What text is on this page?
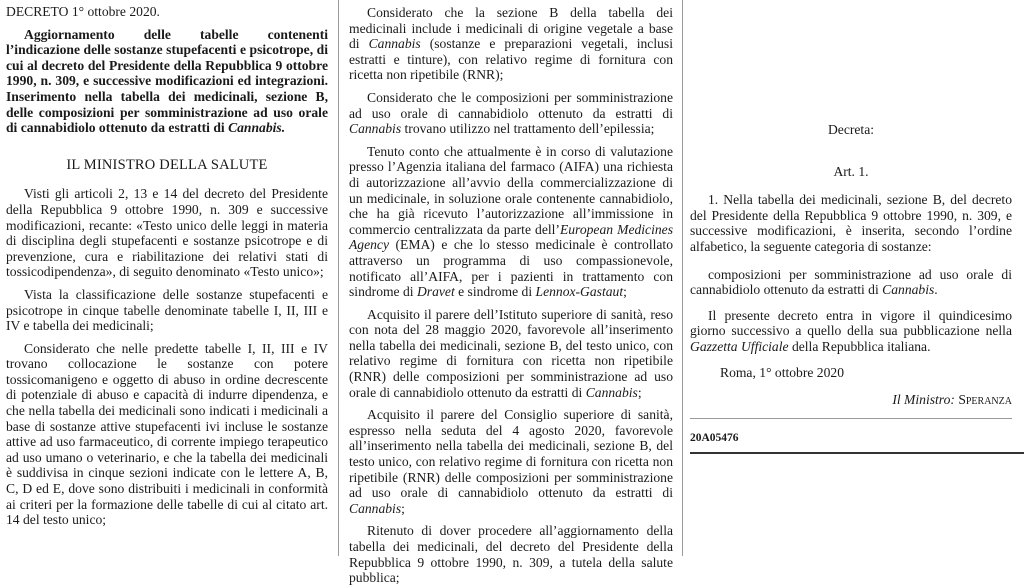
DECRETO 1° ottobre 2020.

Aggiornamento delle tabelle contenenti l’indicazione delle sostanze stupefacenti e psicotrope, di cui al decreto del Presidente della Repubblica 9 ottobre 1990, n. 309, e successive modificazioni ed integrazioni. Inserimento nella tabella dei medicinali, sezione B, delle composizioni per somministrazione ad uso orale di cannabidiolo ottenuto da estratti di Cannabis.

IL MINISTRO DELLA SALUTE

Visti gli articoli 2, 13 e 14 del decreto del Presidente della Repubblica 9 ottobre 1990, n. 309 e successive modificazioni, recante: «Testo unico delle leggi in materia di disciplina degli stupefacenti e sostanze psicotrope e di prevenzione, cura e riabilitazione dei relativi stati di tossicodipendenza», di seguito denominato «Testo unico»;

Vista la classificazione delle sostanze stupefacenti e psicotrope in cinque tabelle denominate tabelle I, II, III e IV e tabella dei medicinali;

Considerato che nelle predette tabelle I, II, III e IV trovano collocazione le sostanze con potere tossicomanigeno e oggetto di abuso in ordine decrescente di potenziale di abuso e capacità di indurre dipendenza, e che nella tabella dei medicinali sono indicati i medicinali a base di sostanze attive stupefacenti ivi incluse le sostanze attive ad uso farmaceutico, di corrente impiego terapeutico ad uso umano o veterinario, e che la tabella dei medicinali è suddivisa in cinque sezioni indicate con le lettere A, B, C, D ed E, dove sono distribuiti i medicinali in conformità ai criteri per la formazione delle tabelle di cui al citato art. 14 del testo unico;

Considerato che la sezione B della tabella dei medicinali include i medicinali di origine vegetale a base di Cannabis (sostanze e preparazioni vegetali, inclusi estratti e tinture), con relativo regime di fornitura con ricetta non ripetibile (RNR);

Considerato che le composizioni per somministrazione ad uso orale di cannabidiolo ottenuto da estratti di Cannabis trovano utilizzo nel trattamento dell’epilessia;

Tenuto conto che attualmente è in corso di valutazione presso l’Agenzia italiana del farmaco (AIFA) una richiesta di autorizzazione all’avvio della commercializzazione di un medicinale, in soluzione orale contenente cannabidiolo, che ha già ricevuto l’autorizzazione all’immissione in commercio centralizzata da parte dell’European Medicines Agency (EMA) e che lo stesso medicinale è controllato attraverso un programma di uso compassionevole, notificato all’AIFA, per i pazienti in trattamento con sindrome di Dravet e sindrome di Lennox-Gastaut;

Acquisito il parere dell’Istituto superiore di sanità, reso con nota del 28 maggio 2020, favorevole all’inserimento nella tabella dei medicinali, sezione B, del testo unico, con relativo regime di fornitura con ricetta non ripetibile (RNR) delle composizioni per somministrazione ad uso orale di cannabidiolo ottenuto da estratti di Cannabis;

Acquisito il parere del Consiglio superiore di sanità, espresso nella seduta del 4 agosto 2020, favorevole all’inserimento nella tabella dei medicinali, sezione B, del testo unico, con relativo regime di fornitura con ricetta non ripetibile (RNR) delle composizioni per somministrazione ad uso orale di cannabidiolo ottenuto da estratti di Cannabis;

Ritenuto di dover procedere all’aggiornamento della tabella dei medicinali, del decreto del Presidente della Repubblica 9 ottobre 1990, n. 309, a tutela della salute pubblica;

Decreta:

Art. 1.

1. Nella tabella dei medicinali, sezione B, del decreto del Presidente della Repubblica 9 ottobre 1990, n. 309, e successive modificazioni, è inserita, secondo l’ordine alfabetico, la seguente categoria di sostanze:

composizioni per somministrazione ad uso orale di cannabidiolo ottenuto da estratti di Cannabis.

Il presente decreto entra in vigore il quindicesimo giorno successivo a quello della sua pubblicazione nella Gazzetta Ufficiale della Repubblica italiana.

Roma, 1° ottobre 2020

Il Ministro: Speranza

20A05476
